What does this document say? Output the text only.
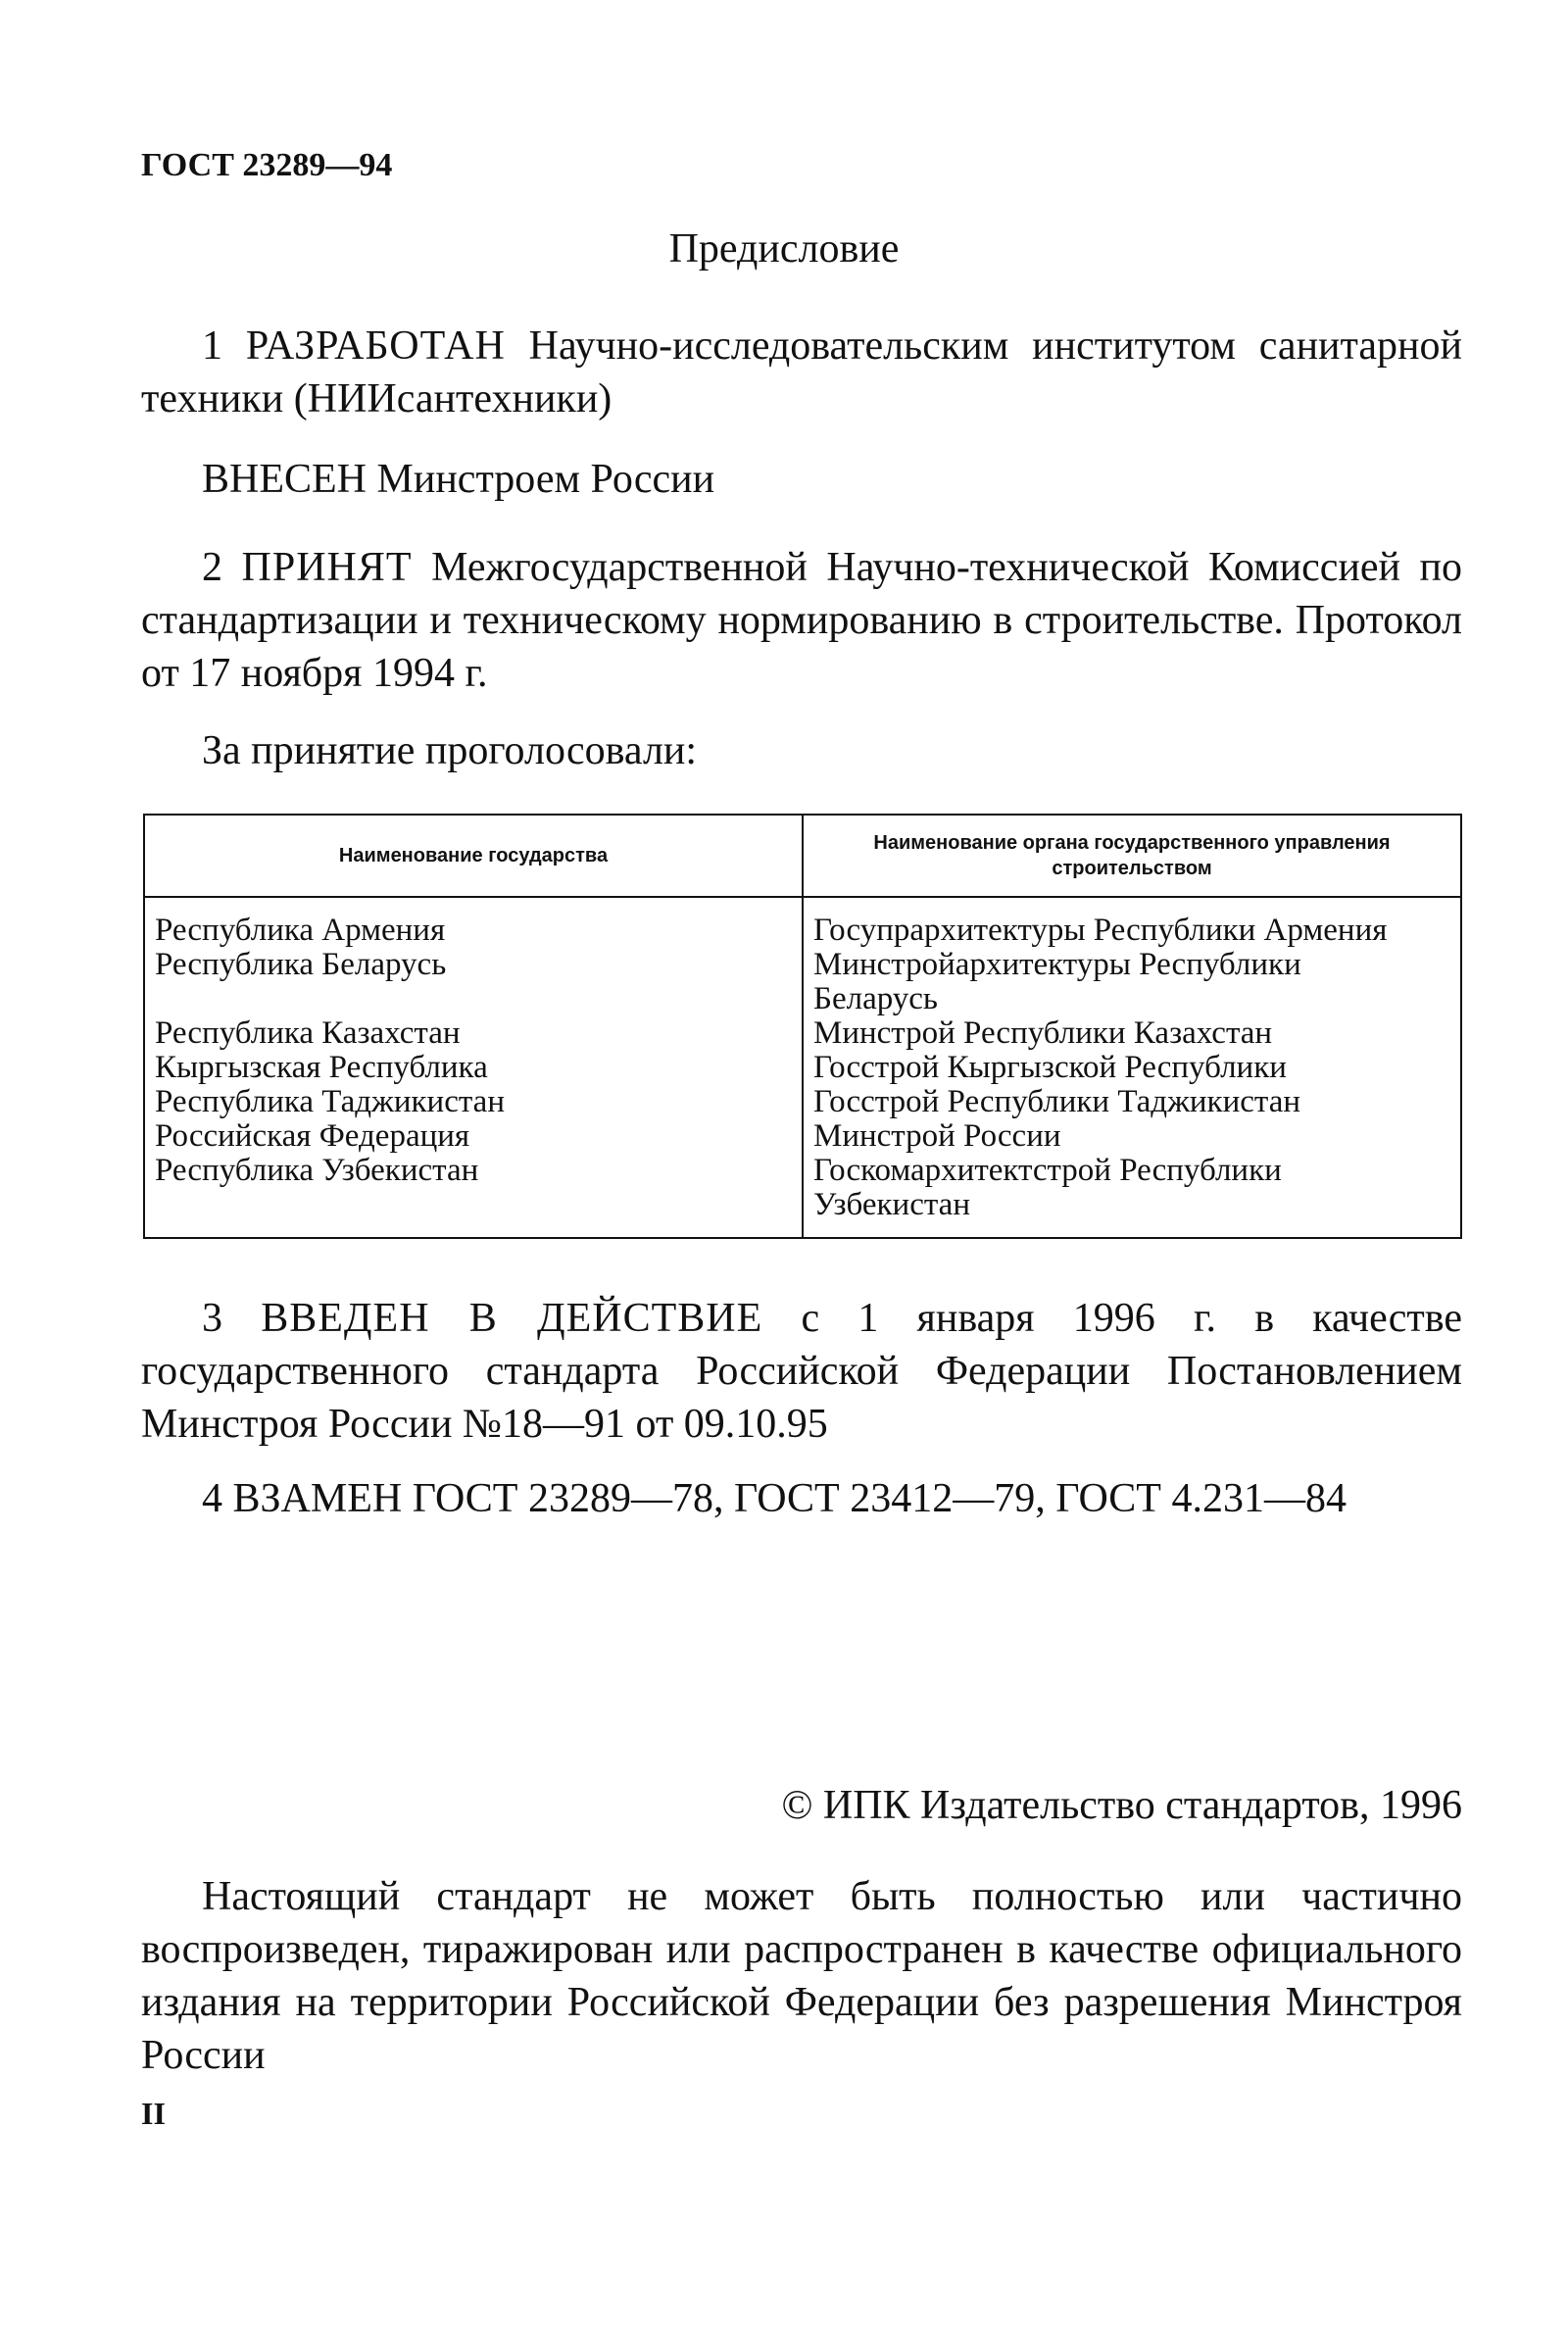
ГОСТ 23289—94
Предисловие
1 РАЗРАБОТАН Научно-исследовательским институтом санитарной техники (НИИсантехники)
ВНЕСЕН Минстроем России
2 ПРИНЯТ Межгосударственной Научно-технической Комиссией по стандартизации и техническому нормированию в строительстве. Протокол от 17 ноября 1994 г.
За принятие проголосовали:
Наименование государства
Наименование органа государственного управления строительством
Республика Армения
Республика Беларусь
Республика Казахстан
Кыргызская Республика
Республика Таджикистан
Российская Федерация
Республика Узбекистан
Госупрархитектуры Республики Армения
Минстройархитектуры Республики
Беларусь
Минстрой Республики Казахстан
Госстрой Кыргызской Республики
Госстрой Республики Таджикистан
Минстрой России
Госкомархитектстрой Республики
Узбекистан
3 ВВЕДЕН В ДЕЙСТВИЕ с 1 января 1996 г. в качестве государственного стандарта Российской Федерации Постановлением Минстроя России №18—91 от 09.10.95
4 ВЗАМЕН ГОСТ 23289—78, ГОСТ 23412—79, ГОСТ 4.231—84
© ИПК Издательство стандартов, 1996
Настоящий стандарт не может быть полностью или частично воспроизведен, тиражирован или распространен в качестве официального издания на территории Российской Федерации без разрешения Минстроя России
II
